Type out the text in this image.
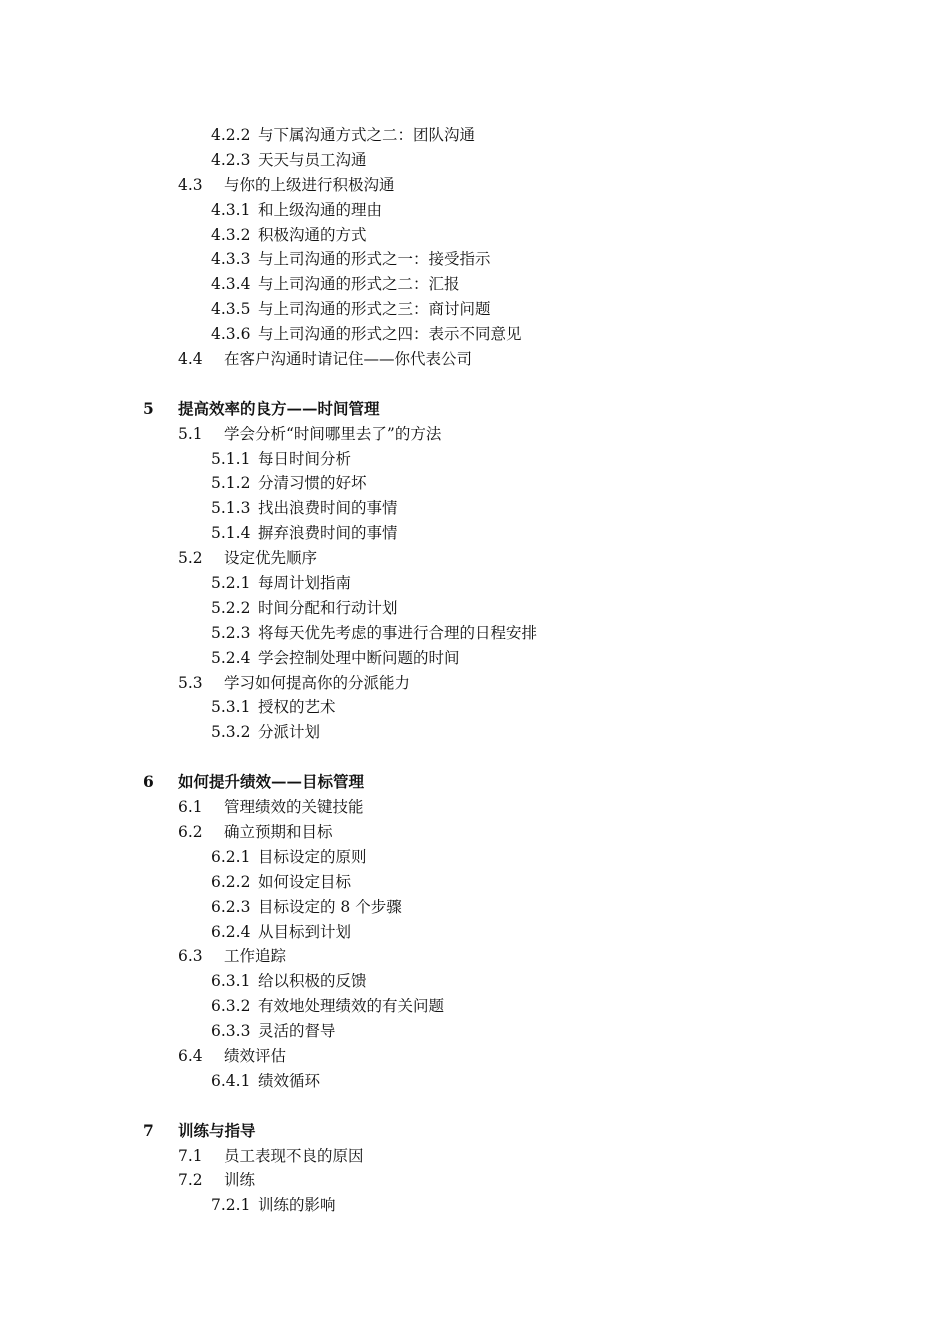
4.2.2 与下属沟通方式之二：团队沟通
4.2.3 天天与员工沟通
4.3 与你的上级进行积极沟通
4.3.1 和上级沟通的理由
4.3.2 积极沟通的方式
4.3.3 与上司沟通的形式之一：接受指示
4.3.4 与上司沟通的形式之二：汇报
4.3.5 与上司沟通的形式之三：商讨问题
4.3.6 与上司沟通的形式之四：表示不同意见
4.4 在客户沟通时请记住——你代表公司
5 提高效率的良方——时间管理
5.1 学会分析“时间哪里去了”的方法
5.1.1 每日时间分析
5.1.2 分清习惯的好坏
5.1.3 找出浪费时间的事情
5.1.4 摒弃浪费时间的事情
5.2 设定优先顺序
5.2.1 每周计划指南
5.2.2 时间分配和行动计划
5.2.3 将每天优先考虑的事进行合理的日程安排
5.2.4 学会控制处理中断问题的时间
5.3 学习如何提高你的分派能力
5.3.1 授权的艺术
5.3.2 分派计划
6 如何提升绩效——目标管理
6.1 管理绩效的关键技能
6.2 确立预期和目标
6.2.1 目标设定的原则
6.2.2 如何设定目标
6.2.3 目标设定的 8 个步骤
6.2.4 从目标到计划
6.3 工作追踪
6.3.1 给以积极的反馈
6.3.2 有效地处理绩效的有关问题
6.3.3 灵活的督导
6.4 绩效评估
6.4.1 绩效循环
7 训练与指导
7.1 员工表现不良的原因
7.2 训练
7.2.1 训练的影响
